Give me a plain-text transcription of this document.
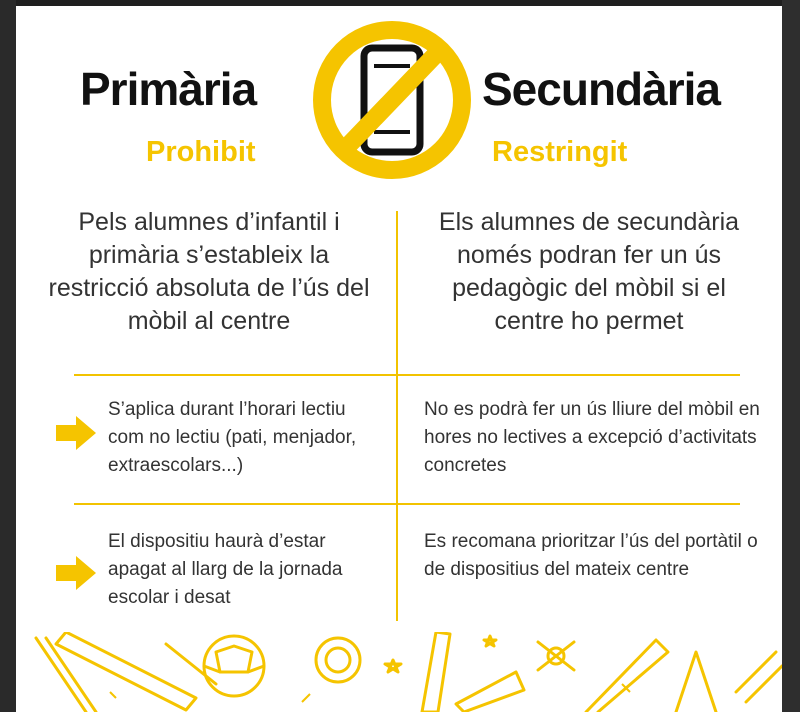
Primària	Secundària
Prohibit	Restringit
Pels alumnes d’infantil i primària s’estableix la restricció absoluta de l’ús del mòbil al centre
Els alumnes de secundària només podran fer un ús pedagògic del mòbil si el centre ho permet
S’aplica durant l’horari lectiu com no lectiu (pati, menjador, extraescolars...)
El dispositiu haurà d’estar apagat al llarg de la jornada escolar i desat
No es podrà fer un ús lliure del mòbil en hores no lectives a excepció d’activitats concretes
Es recomana prioritzar l’ús del portàtil o de dispositius del mateix centre
